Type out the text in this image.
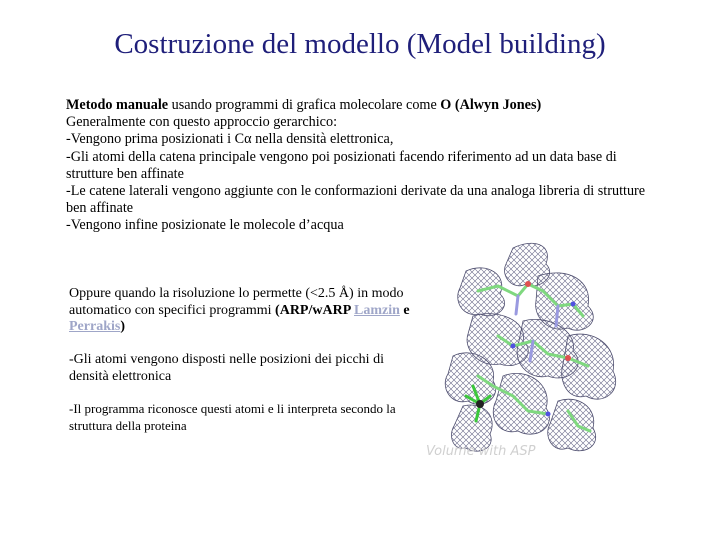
Costruzione del modello (Model building)
Metodo manuale usando programmi di grafica molecolare come O (Alwyn Jones)
Generalmente con questo approccio gerarchico:
-Vengono prima posizionati i Cα nella densità elettronica,
-Gli atomi della catena principale vengono poi posizionati facendo riferimento ad un data base di strutture ben affinate
-Le catene laterali vengono aggiunte con le conformazioni derivate da una analoga libreria di strutture ben affinate
-Vengono infine posizionate le molecole d’acqua
Oppure quando la risoluzione lo permette (<2.5 Å) in modo automatico con specifici programmi (ARP/wARP Lamzin e Perrakis)
-Gli atomi vengono disposti nelle posizioni dei picchi di densità elettronica
-Il programma riconosce questi atomi e li interpreta secondo la struttura della proteina
Volume with ASP
